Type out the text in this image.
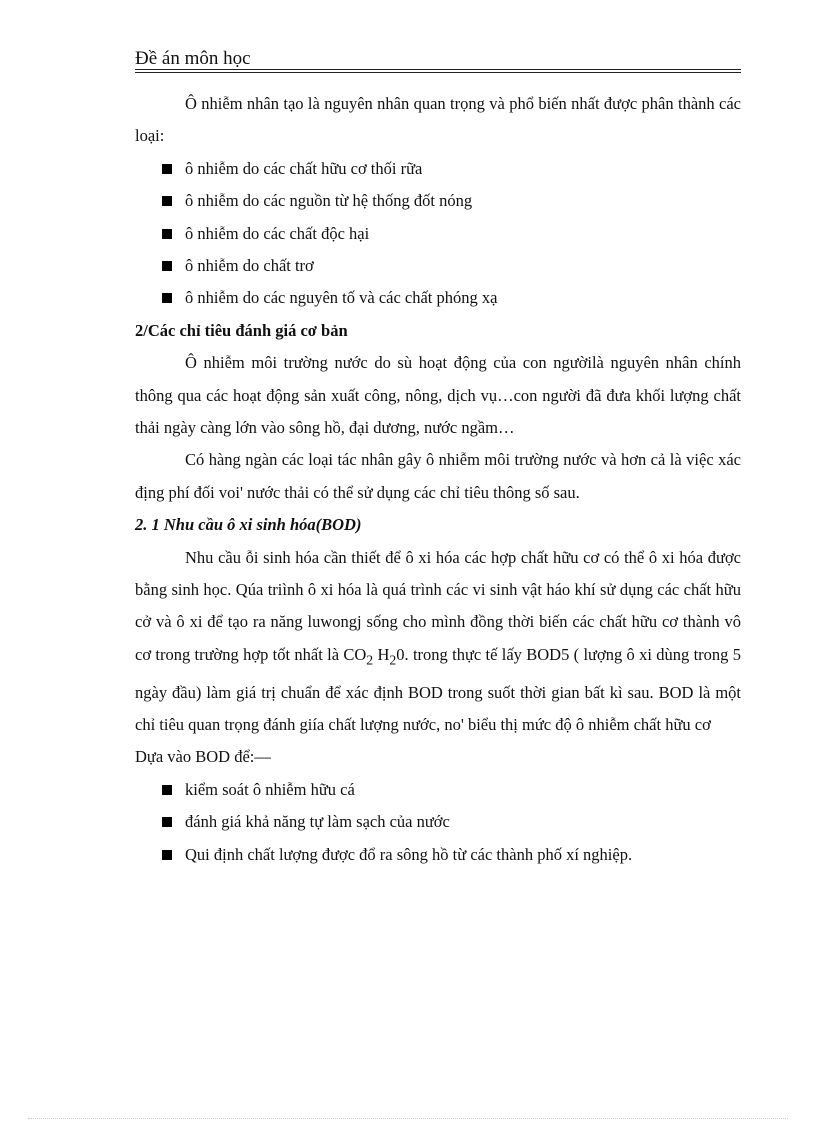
Đề án môn học

Ô nhiễm nhân tạo là nguyên nhân quan trọng và phổ biến nhất được phân thành các loại:

ô nhiễm do các chất hữu cơ thối rữa
ô nhiễm do các nguồn từ hệ thống đốt nóng
ô nhiễm do các chất độc hại
ô nhiễm do chất trơ
ô nhiễm do các nguyên tố và các chất phóng xạ
2/Các chỉ tiêu đánh giá cơ bản

Ô nhiễm môi trường nước do sù hoạt động của con ngườilà nguyên nhân chính thông qua các hoạt động sản xuất công, nông, dịch vụ…con người đã đưa khối lượng chất thải ngày càng lớn vào sông hồ, đại dương, nước ngầm…

Có hàng ngàn các loại tác nhân gây ô nhiễm môi trường nước và hơn cả là việc xác địng phí đối voi' nước thải có thể sử dụng các chỉ tiêu thông số sau.

2. 1 Nhu cầu ô xi sinh hóa(BOD)

Nhu cầu ỗi sinh hóa cần thiết để ô xi hóa các hợp chất hữu cơ có thể ô xi hóa được bằng sinh học. Qúa triình ô xi hóa là quá trình các vi sinh vật háo khí sử dụng các chất hữu cở và ô xi để tạo ra năng luwongj sống cho mình đồng thời biến các chất hữu cơ thành vô cơ trong trường hợp tốt nhất là $CO_2$ $H_20$. trong thực tế lấy BOD5 ( lượng ô xi dùng trong 5 ngày đầu) làm giá trị chuẩn để xác định BOD trong suốt thời gian bất kì sau. BOD là một chỉ tiêu quan trọng đánh giía chất lượng nước, no' biểu thị mức độ ô nhiễm chất hữu cơ

Dựa vào BOD để:—

kiểm soát ô nhiễm hữu cá
đánh giá khả năng tự làm sạch của nước
Qui định chất lượng được đổ ra sông hồ từ các thành phố xí nghiệp.
